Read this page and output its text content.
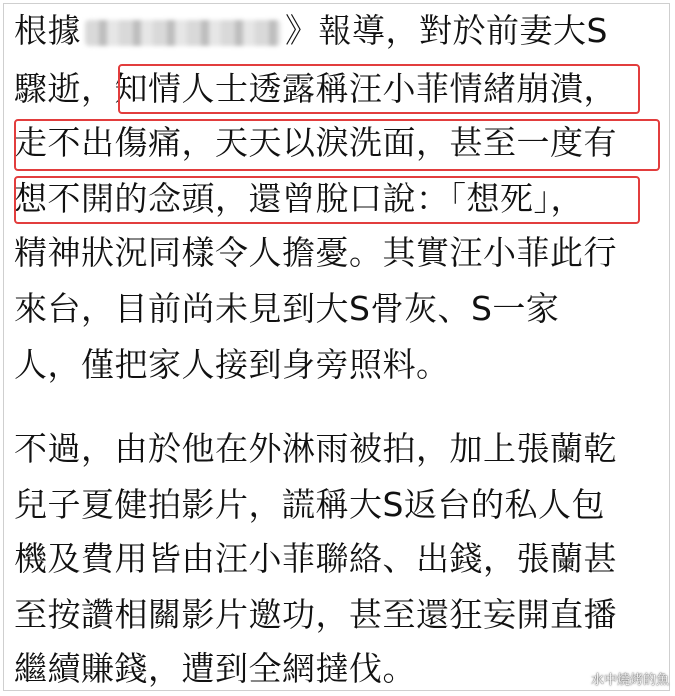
根據	》報導，對於前妻大S
驟逝，知情人士透露稱汪小菲情緒崩潰，
走不出傷痛，天天以淚洗面，甚至一度有
想不開的念頭，還曾脫口說：「想死」，
精神狀況同樣令人擔憂。其實汪小菲此行
來台，目前尚未見到大S骨灰、S一家
人，僅把家人接到身旁照料。
不過，由於他在外淋雨被拍，加上張蘭乾
兒子夏健拍影片，謊稱大S返台的私人包
機及費用皆由汪小菲聯絡、出錢，張蘭甚
至按讚相關影片邀功，甚至還狂妄開直播
繼續賺錢，遭到全網撻伐。	水中燒烤的魚
